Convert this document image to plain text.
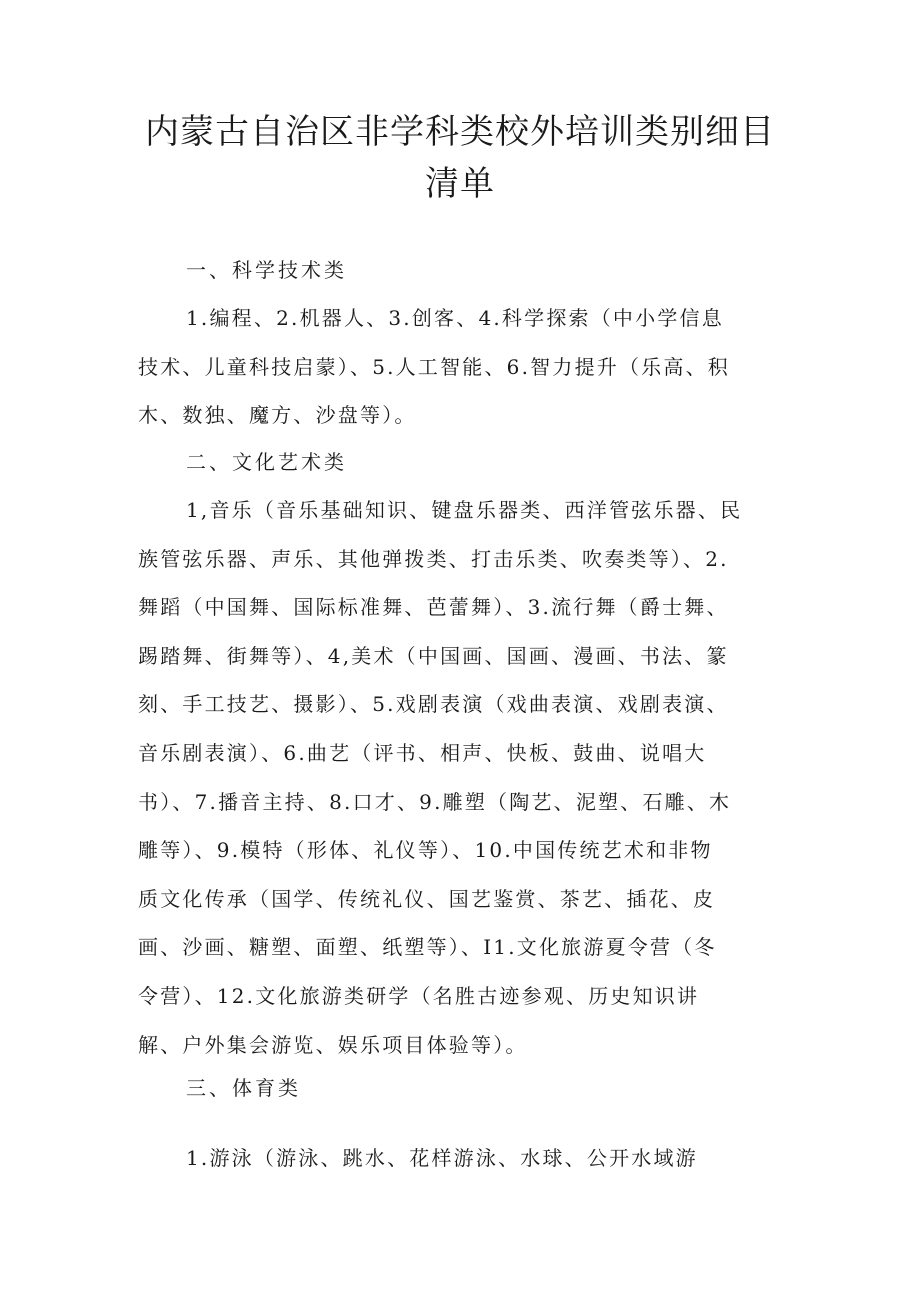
内蒙古自治区非学科类校外培训类别细目
清单

一、科学技术类

1.编程、2.机器人、3.创客、4.科学探索（中小学信息
技术、儿童科技启蒙）、5.人工智能、6.智力提升（乐高、积
木、数独、魔方、沙盘等）。

二、文化艺术类

1,音乐（音乐基础知识、键盘乐器类、西洋管弦乐器、民
族管弦乐器、声乐、其他弹拨类、打击乐类、吹奏类等）、2.
舞蹈（中国舞、国际标准舞、芭蕾舞）、3.流行舞（爵士舞、
踢踏舞、街舞等）、4,美术（中国画、国画、漫画、书法、篆
刻、手工技艺、摄影）、5.戏剧表演（戏曲表演、戏剧表演、
音乐剧表演）、6.曲艺（评书、相声、快板、鼓曲、说唱大
书）、7.播音主持、8.口才、9.雕塑（陶艺、泥塑、石雕、木
雕等）、9.模特（形体、礼仪等）、10.中国传统艺术和非物
质文化传承（国学、传统礼仪、国艺鉴赏、茶艺、插花、皮
画、沙画、糖塑、面塑、纸塑等）、I1.文化旅游夏令营（冬
令营）、12.文化旅游类研学（名胜古迹参观、历史知识讲
解、户外集会游览、娱乐项目体验等）。

三、体育类

1.游泳（游泳、跳水、花样游泳、水球、公开水域游
